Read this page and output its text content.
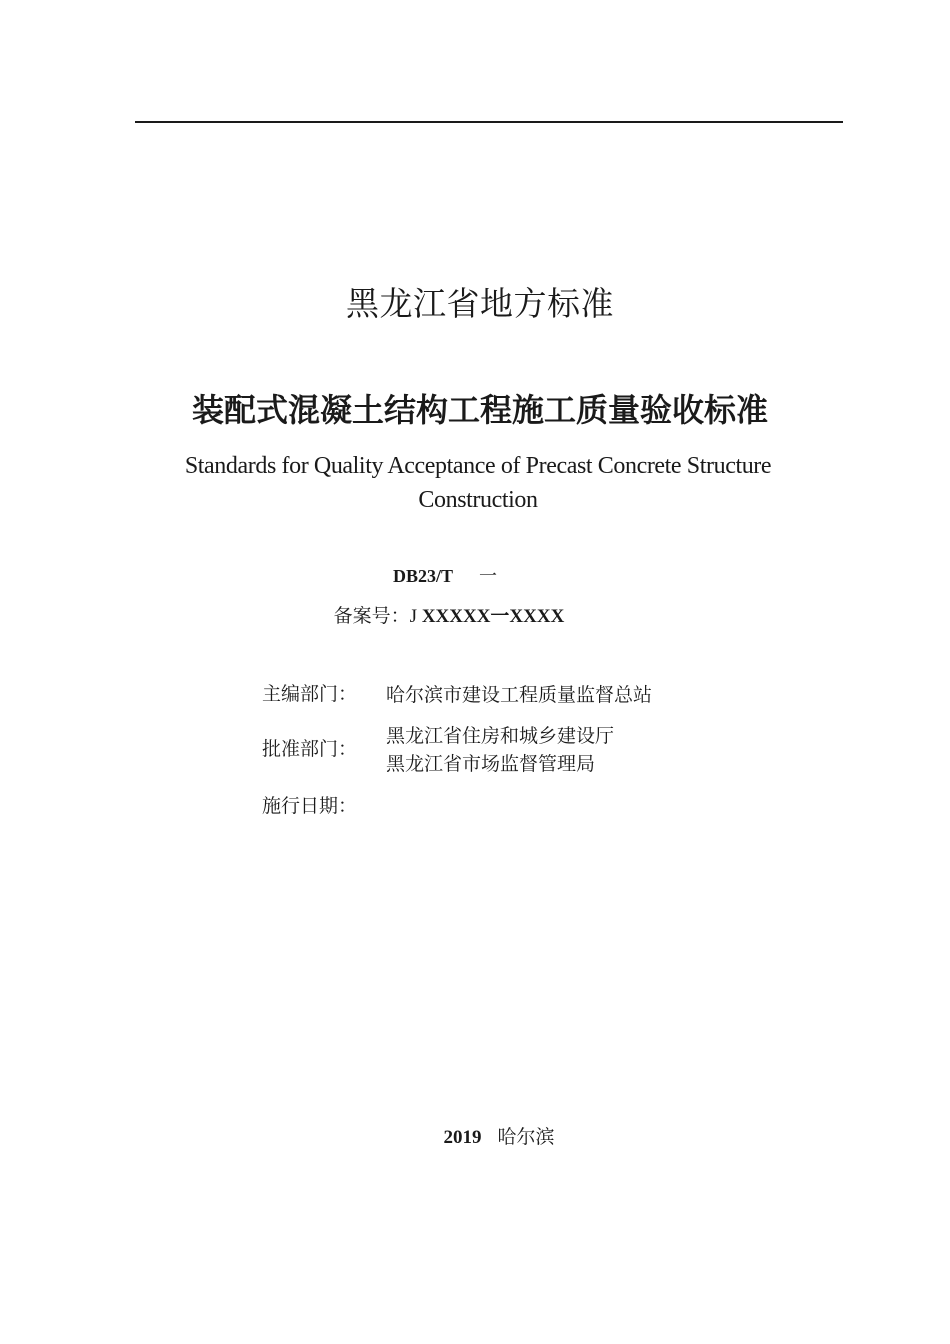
黑龙江省地方标准
装配式混凝土结构工程施工质量验收标准
Standards for Quality Acceptance of Precast Concrete Structure
Construction
DB23/T 一
备案号：J XXXXX一XXXX
主编部门： 哈尔滨市建设工程质量监督总站
批准部门：
黑龙江省住房和城乡建设厅
黑龙江省市场监督管理局
施行日期：
2019 哈尔滨
